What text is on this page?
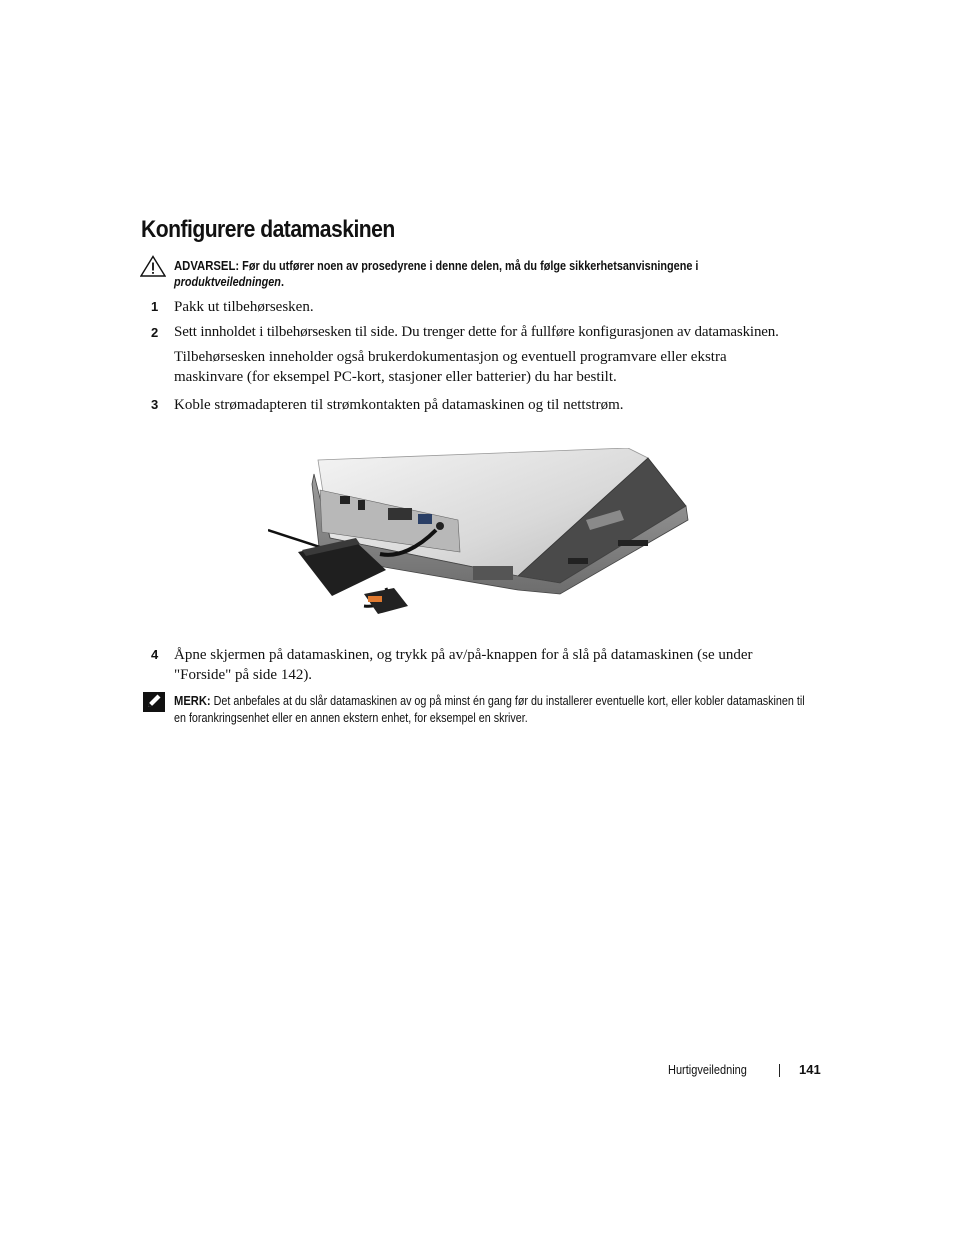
Konfigurere datamaskinen
ADVARSEL: Før du utfører noen av prosedyrene i denne delen, må du følge sikkerhetsanvisningene i
produktveiledningen.
1 Pakk ut tilbehørsesken.
2 Sett innholdet i tilbehørsesken til side. Du trenger dette for å fullføre konfigurasjonen av datamaskinen.
Tilbehørsesken inneholder også brukerdokumentasjon og eventuell programvare eller ekstra maskinvare (for eksempel PC-kort, stasjoner eller batterier) du har bestilt.
3 Koble strømadapteren til strømkontakten på datamaskinen og til nettstrøm.
4 Åpne skjermen på datamaskinen, og trykk på av/på-knappen for å slå på datamaskinen (se under "Forside" på side 142).
MERK: Det anbefales at du slår datamaskinen av og på minst én gang før du installerer eventuelle kort, eller kobler datamaskinen til en forankringsenhet eller en annen ekstern enhet, for eksempel en skriver.
Hurtigveiledning	141
